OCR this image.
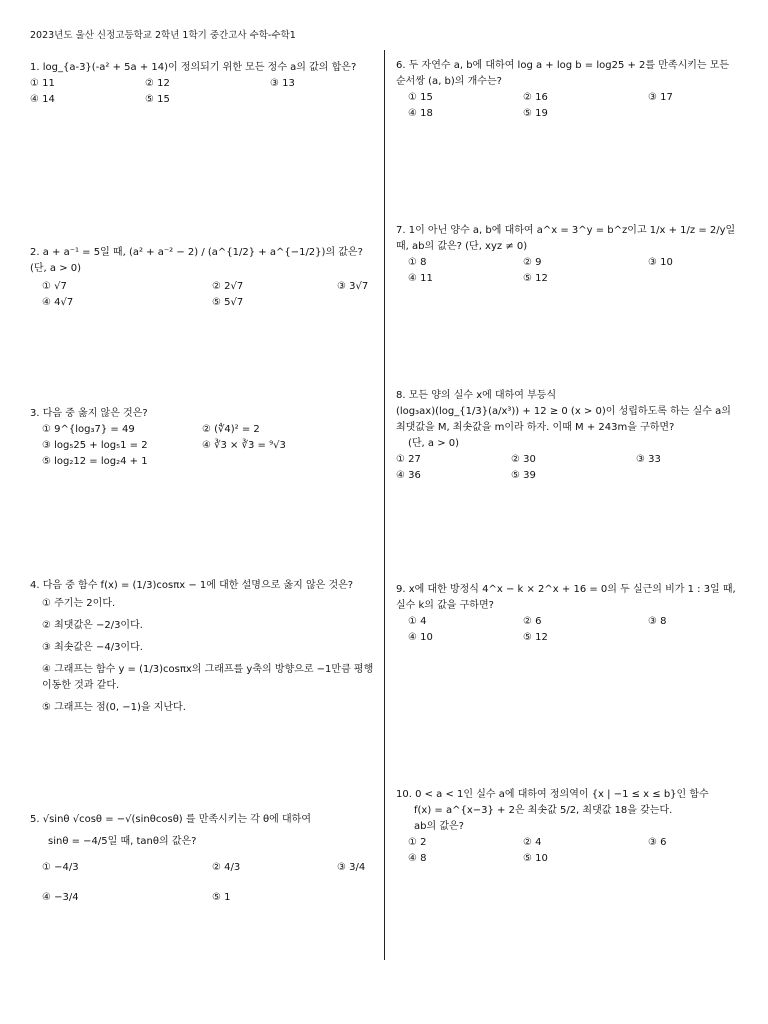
2023년도 울산 신정고등학교 2학년 1학기 중간고사 수학-수학1
1. log_{a-3}(-a² + 5a + 14)이 정의되기 위한 모든 정수 a의 값의 합은?
① 11	② 12	③ 13
④ 14	⑤ 15
2. a + a⁻¹ = 5일 때, (a² + a⁻² − 2) / (a^{1/2} + a^{−1/2})의 값은? (단, a > 0)
① √7	② 2√7	③ 3√7
④ 4√7	⑤ 5√7
3. 다음 중 옳지 않은 것은?
① 9^{log₃7} = 49	② (∜4)² = 2
③ log₅25 + log₅1 = 2	④ ∛3 × ∛3 = ⁹√3
⑤ log₂12 = log₂4 + 1
4. 다음 중 함수 f(x) = (1/3)cosπx − 1에 대한 설명으로 옳지 않은 것은?
① 주기는 2이다.
② 최댓값은 −2/3이다.
③ 최솟값은 −4/3이다.
④ 그래프는 함수 y = (1/3)cosπx의 그래프를 y축의 방향으로 −1만큼 평행이동한 것과 같다.
⑤ 그래프는 점(0, −1)을 지난다.
5. √sinθ √cosθ = −√(sinθcosθ) 를 만족시키는 각 θ에 대하여
sinθ = −4/5일 때, tanθ의 값은?
① −4/3	② 4/3	③ 3/4
④ −3/4	⑤ 1
6. 두 자연수 a, b에 대하여 log a + log b = log25 + 2를 만족시키는 모든 순서쌍 (a, b)의 개수는?
① 15	② 16	③ 17
④ 18	⑤ 19
7. 1이 아닌 양수 a, b에 대하여 a^x = 3^y = b^z이고 1/x + 1/z = 2/y일 때, ab의 값은? (단, xyz ≠ 0)
① 8	② 9	③ 10
④ 11	⑤ 12
8. 모든 양의 실수 x에 대하여 부등식
(log₃ax)(log_{1/3}(a/x³)) + 12 ≥ 0 (x > 0)이 성립하도록 하는 실수 a의 최댓값을 M, 최솟값을 m이라 하자. 이때 M + 243m을 구하면?
(단, a > 0)
① 27	② 30	③ 33
④ 36	⑤ 39
9. x에 대한 방정식 4^x − k × 2^x + 16 = 0의 두 실근의 비가 1 : 3일 때, 실수 k의 값을 구하면?
① 4	② 6	③ 8
④ 10	⑤ 12
10. 0 < a < 1인 실수 a에 대하여 정의역이 {x | −1 ≤ x ≤ b}인 함수
f(x) = a^{x−3} + 2은 최솟값 5/2, 최댓값 18을 갖는다.
ab의 값은?
① 2	② 4	③ 6
④ 8	⑤ 10
